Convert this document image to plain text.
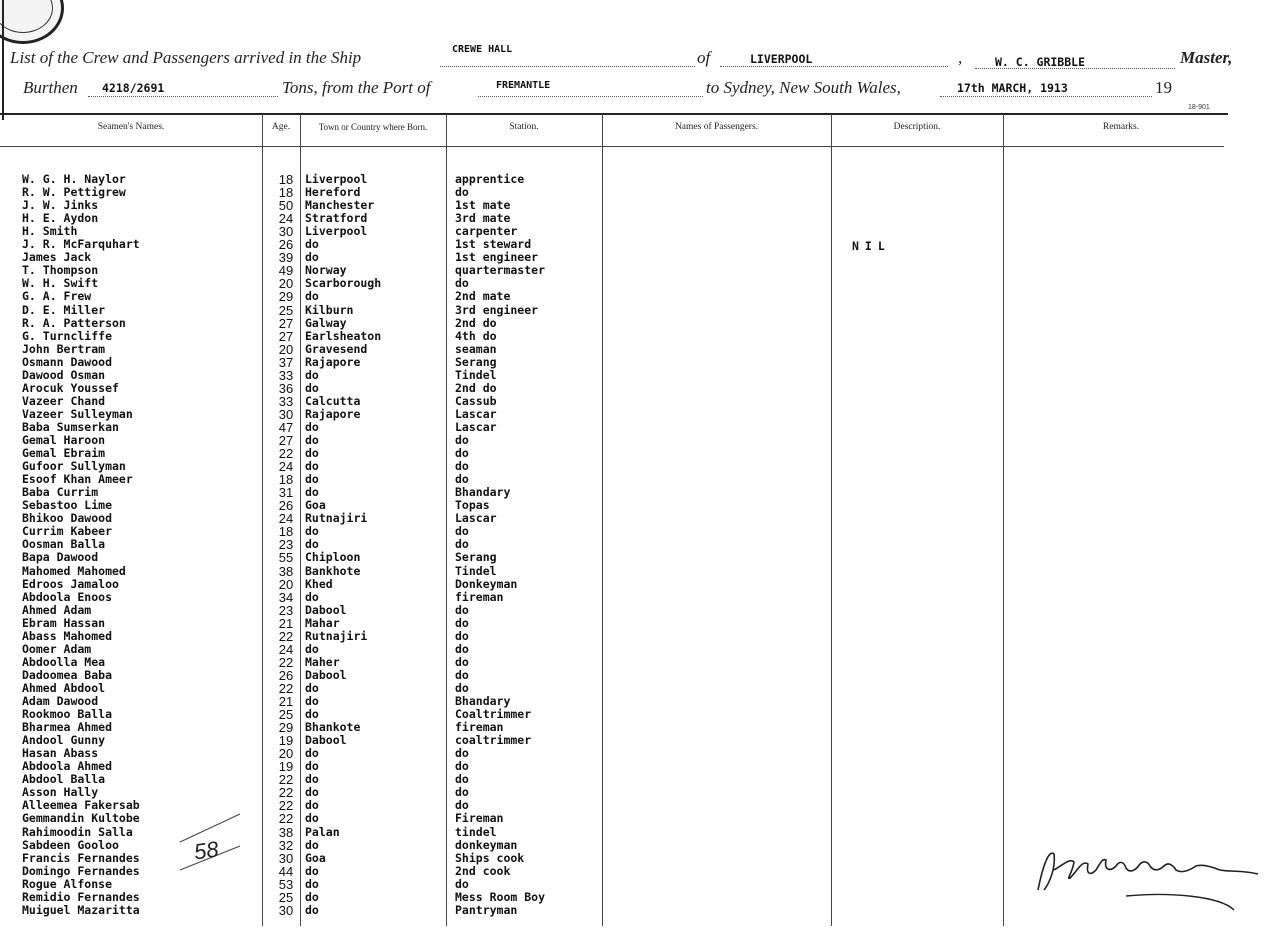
List of the Crew and Passengers arrived in the Ship	CREWE HALL	of	LIVERPOOL	,	W. C. GRIBBLE	Master,
Burthen 4218/2691	Tons, from the Port of	FREMANTLE	to Sydney, New South Wales,	17th MARCH, 1913	19
18-901
Seamen's Names.	Age.	Town or Country where Born.	Station.	Names of Passengers.	Description.	Remarks.
W. G. H. Naylor	18	Liverpool	apprentice
R. W. Pettigrew	18	Hereford	do
J. W. Jinks	50	Manchester	1st mate
H. E. Aydon	24	Stratford	3rd mate
H. Smith	30	Liverpool	carpenter
J. R. McFarquhart	26	do	1st steward
James Jack	39	do	1st engineer
T. Thompson	49	Norway	quartermaster
W. H. Swift	20	Scarborough	do
G. A. Frew	29	do	2nd mate
D. E. Miller	25	Kilburn	3rd engineer
R. A. Patterson	27	Galway	2nd do
G. Turncliffe	27	Earlsheaton	4th do
John Bertram	20	Gravesend	seaman
Osmann Dawood	37	Rajapore	Serang
Dawood Osman	33	do	Tindel
Arocuk Youssef	36	do	2nd do
Vazeer Chand	33	Calcutta	Cassub
Vazeer Sulleyman	30	Rajapore	Lascar
Baba Sumserkan	47	do	Lascar
Gemal Haroon	27	do	do
Gemal Ebraim	22	do	do
Gufoor Sullyman	24	do	do
Esoof Khan Ameer	18	do	do
Baba Currim	31	do	Bhandary
Sebastoo Lime	26	Goa	Topas
Bhikoo Dawood	24	Rutnajiri	Lascar
Currim Kabeer	18	do	do
Oosman Balla	23	do	do
Bapa Dawood	55	Chiploon	Serang
Mahomed Mahomed	38	Bankhote	Tindel
Edroos Jamaloo	20	Khed	Donkeyman
Abdoola Enoos	34	do	fireman
Ahmed Adam	23	Dabool	do
Ebram Hassan	21	Mahar	do
Abass Mahomed	22	Rutnajiri	do
Oomer Adam	24	do	do
Abdoolla Mea	22	Maher	do
Dadoomea Baba	26	Dabool	do
Ahmed Abdool	22	do	do
Adam Dawood	21	do	Bhandary
Rookmoo Balla	25	do	Coaltrimmer
Bharmea Ahmed	29	Bhankote	fireman
Andool Gunny	19	Dabool	coaltrimmer
Hasan Abass	20	do	do
Abdoola Ahmed	19	do	do
Abdool Balla	22	do	do
Asson Hally	22	do	do
Alleemea Fakersab	22	do	do
Gemmandin Kultobe	22	do	Fireman
Rahimoodin Salla	38	Palan	tindel
Sabdeen Gooloo	32	do	donkeyman
Francis Fernandes	30	Goa	Ships cook
Domingo Fernandes	44	do	2nd cook
Rogue Alfonse	53	do	do
Remidio Fernandes	25	do	Mess Room Boy
Muiguel Mazaritta	30	do	Pantryman
NIL
58	W C Gribble
